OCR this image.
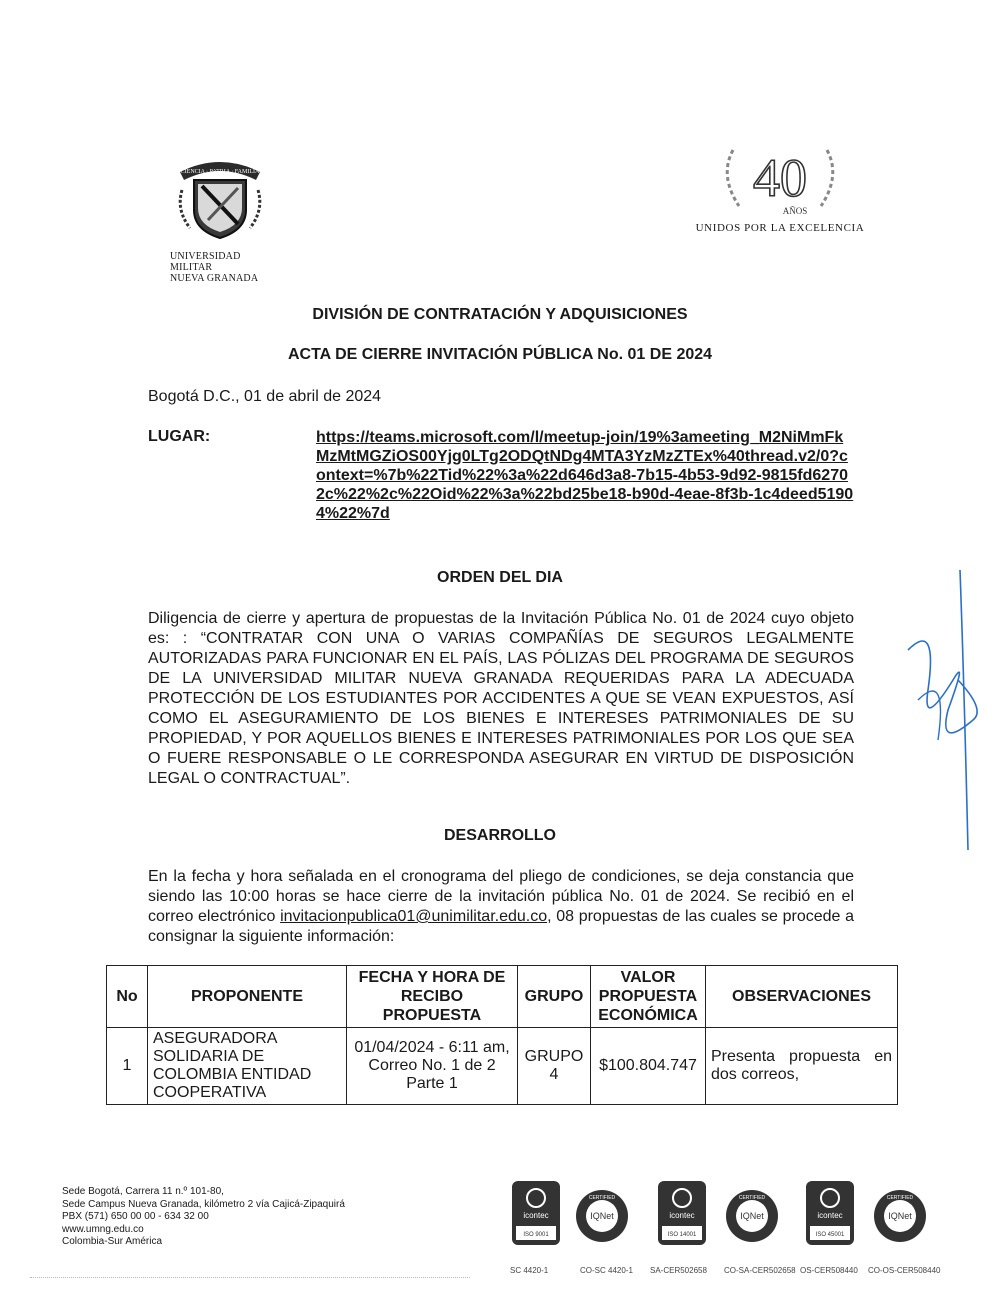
CIENCIA · PATRIA · FAMILIA
UNIVERSIDAD MILITAR
NUEVA GRANADA
40
AÑOS
UNIDOS POR LA EXCELENCIA
DIVISIÓN DE CONTRATACIÓN Y ADQUISICIONES
ACTA DE CIERRE INVITACIÓN PÚBLICA No. 01 DE 2024
Bogotá D.C., 01 de abril de 2024
LUGAR:	https://teams.microsoft.com/l/meetup-join/19%3ameeting_M2NiMmFkMzMtMGZiOS00Yjg0LTg2ODQtNDg4MTA3YzMzZTEx%40thread.v2/0?context=%7b%22Tid%22%3a%22d646d3a8-7b15-4b53-9d92-9815fd62702c%22%2c%22Oid%22%3a%22bd25be18-b90d-4eae-8f3b-1c4deed51904%22%7d
ORDEN DEL DIA
Diligencia de cierre y apertura de propuestas de la Invitación Pública No. 01 de 2024 cuyo objeto es: : “CONTRATAR CON UNA O VARIAS COMPAÑÍAS DE SEGUROS LEGALMENTE AUTORIZADAS PARA FUNCIONAR EN EL PAÍS, LAS PÓLIZAS DEL PROGRAMA DE SEGUROS DE LA UNIVERSIDAD MILITAR NUEVA GRANADA REQUERIDAS PARA LA ADECUADA PROTECCIÓN DE LOS ESTUDIANTES POR ACCIDENTES A QUE SE VEAN EXPUESTOS, ASÍ COMO EL ASEGURAMIENTO DE LOS BIENES E INTERESES PATRIMONIALES DE SU PROPIEDAD, Y POR AQUELLOS BIENES E INTERESES PATRIMONIALES POR LOS QUE SEA O FUERE RESPONSABLE O LE CORRESPONDA ASEGURAR EN VIRTUD DE DISPOSICIÓN LEGAL O CONTRACTUAL”.
DESARROLLO
En la fecha y hora señalada en el cronograma del pliego de condiciones, se deja constancia que siendo las 10:00 horas se hace cierre de la invitación pública No. 01 de 2024. Se recibió en el correo electrónico invitacionpublica01@unimilitar.edu.co, 08 propuestas de las cuales se procede a consignar la siguiente información:
No	PROPONENTE	FECHA Y HORA DE RECIBO PROPUESTA	GRUPO	VALOR PROPUESTA ECONÓMICA	OBSERVACIONES
1	ASEGURADORA SOLIDARIA DE COLOMBIA ENTIDAD COOPERATIVA	01/04/2024 - 6:11 am, Correo No. 1 de 2 Parte 1	GRUPO 4	$100.804.747	Presenta propuesta en dos correos,
Sede Bogotá, Carrera 11 n.º 101-80,
Sede Campus Nueva Granada, kilómetro 2 vía Cajicá-Zipaquirá
PBX (571) 650 00 00 - 634 32 00
www.umng.edu.co
Colombia-Sur América
icontec
ISO 9001
SC 4420-1
IQNet
CERTIFIED
CO-SC 4420-1
icontec
ISO 14001
SA-CER502658
IQNet
CERTIFIED
CO-SA-CER502658
icontec
ISO 45001
OS-CER508440
IQNet
CERTIFIED
CO-OS-CER508440
